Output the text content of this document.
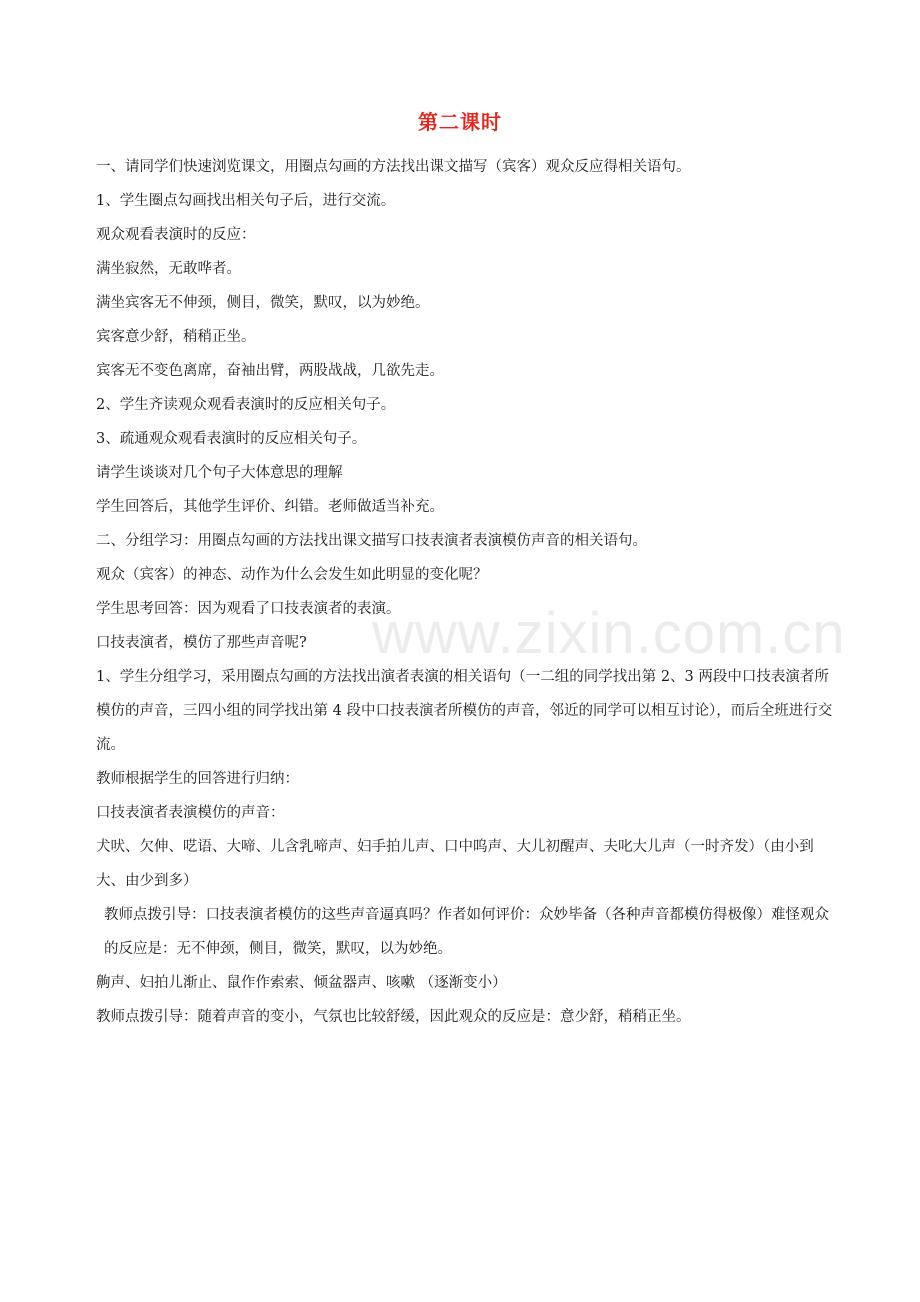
第二课时

一、请同学们快速浏览课文，用圈点勾画的方法找出课文描写（宾客）观众反应得相关语句。

1、学生圈点勾画找出相关句子后，进行交流。

观众观看表演时的反应：

满坐寂然，无敢哗者。

满坐宾客无不伸颈，侧目，微笑，默叹，以为妙绝。

宾客意少舒，稍稍正坐。

宾客无不变色离席，奋袖出臂，两股战战，几欲先走。

2、学生齐读观众观看表演时的反应相关句子。

3、疏通观众观看表演时的反应相关句子。

请学生谈谈对几个句子大体意思的理解

学生回答后，其他学生评价、纠错。老师做适当补充。

二、分组学习：用圈点勾画的方法找出课文描写口技表演者表演模仿声音的相关语句。

观众（宾客）的神态、动作为什么会发生如此明显的变化呢？

学生思考回答：因为观看了口技表演者的表演。

口技表演者，模仿了那些声音呢?

1、学生分组学习，采用圈点勾画的方法找出演者表演的相关语句（一二组的同学找出第 2、3 两段中口技表演者所模仿的声音，三四小组的同学找出第 4 段中口技表演者所模仿的声音，邻近的同学可以相互讨论），而后全班进行交流。

教师根据学生的回答进行归纳：

口技表演者表演模仿的声音：

犬吠、欠伸、呓语、大啼、儿含乳啼声、妇手拍儿声、口中呜声、大儿初醒声、夫叱大儿声（一时齐发）（由小到大、由少到多）

教师点拨引导：口技表演者模仿的这些声音逼真吗？作者如何评价：众妙毕备（各种声音都模仿得极像）难怪观众的反应是：无不伸颈，侧目，微笑，默叹，以为妙绝。

齁声、妇拍儿渐止、鼠作作索索、倾盆器声、咳嗽 （逐渐变小）

教师点拨引导：随着声音的变小，气氛也比较舒缓，因此观众的反应是：意少舒，稍稍正坐。

www.zixin.com.cn
